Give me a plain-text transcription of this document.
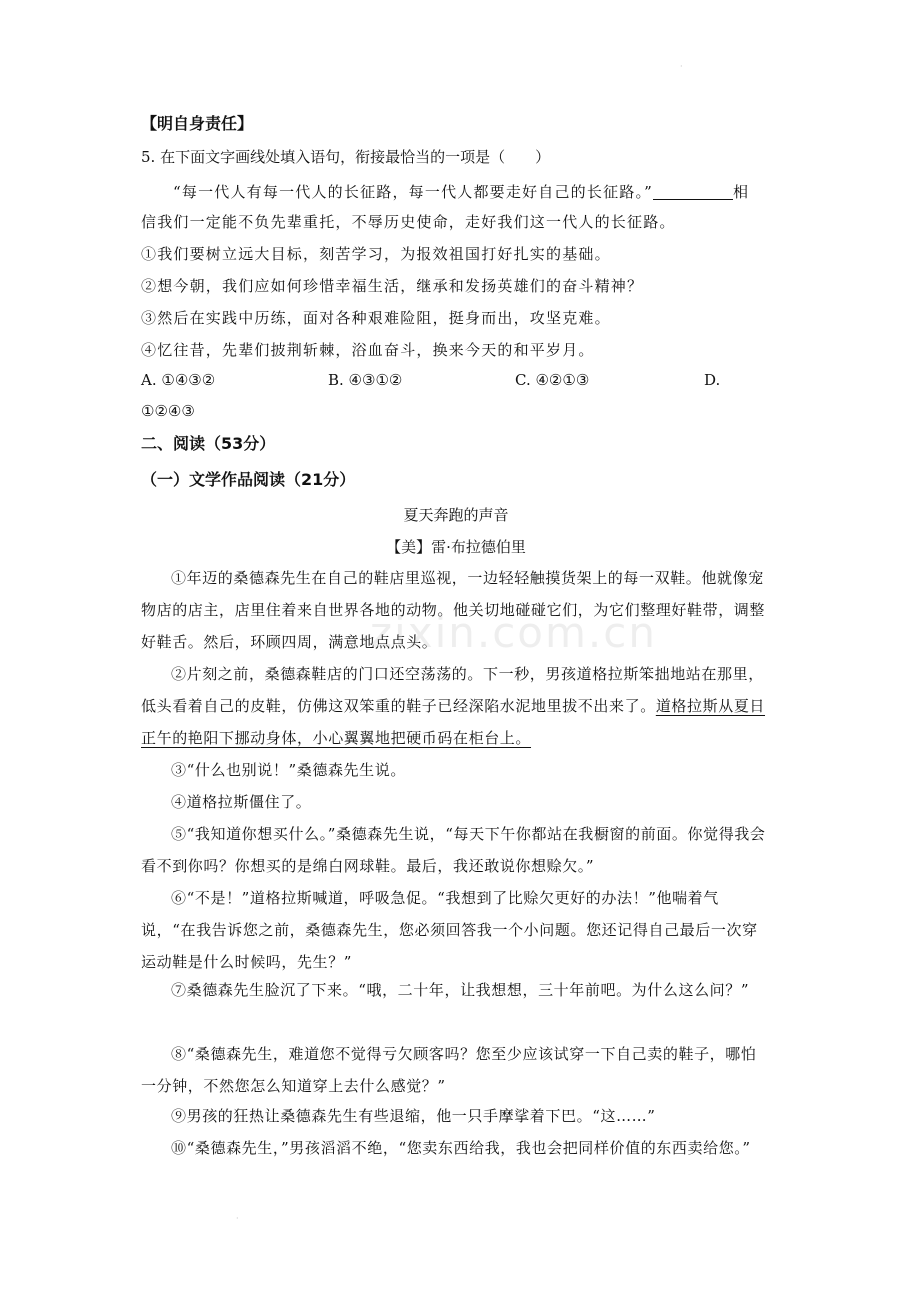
·
【明自身责任】
5. 在下面文字画线处填入语句，衔接最恰当的一项是（　　）
“每一代人有每一代人的长征路，每一代人都要走好自己的长征路。”	相
信我们一定能不负先辈重托，不辱历史使命，走好我们这一代人的长征路。
①我们要树立远大目标，刻苦学习，为报效祖国打好扎实的基础。
②想今朝，我们应如何珍惜幸福生活，继承和发扬英雄们的奋斗精神？
③然后在实践中历练，面对各种艰难险阻，挺身而出，攻坚克难。
④忆往昔，先辈们披荆斩棘，浴血奋斗，换来今天的和平岁月。
A. ①④③②	B. ④③①②	C. ④②①③	D.
①②④③
二、阅读（53分）
（一）文学作品阅读（21分）
夏天奔跑的声音
【美】雷·布拉德伯里
①年迈的桑德森先生在自己的鞋店里巡视，一边轻轻触摸货架上的每一双鞋。他就像宠物店的店主，店里住着来自世界各地的动物。他关切地碰碰它们，为它们整理好鞋带，调整好鞋舌。然后，环顾四周，满意地点点头。
②片刻之前，桑德森鞋店的门口还空荡荡的。下一秒，男孩道格拉斯笨拙地站在那里，低头看着自己的皮鞋，仿佛这双笨重的鞋子已经深陷水泥地里拔不出来了。道格拉斯从夏日正午的艳阳下挪动身体，小心翼翼地把硬币码在柜台上。
③“什么也别说！”桑德森先生说。
④道格拉斯僵住了。
⑤“我知道你想买什么。”桑德森先生说，“每天下午你都站在我橱窗的前面。你觉得我会看不到你吗？你想买的是绵白网球鞋。最后，我还敢说你想赊欠。”
⑥“不是！”道格拉斯喊道，呼吸急促。“我想到了比赊欠更好的办法！”他喘着气说，“在我告诉您之前，桑德森先生，您必须回答我一个小问题。您还记得自己最后一次穿运动鞋是什么时候吗，先生？”
⑦桑德森先生脸沉了下来。“哦，二十年，让我想想，三十年前吧。为什么这么问？”
⑧“桑德森先生，难道您不觉得亏欠顾客吗？您至少应该试穿一下自己卖的鞋子，哪怕一分钟，不然您怎么知道穿上去什么感觉？”
⑨男孩的狂热让桑德森先生有些退缩，他一只手摩挲着下巴。“这……”
⑩“桑德森先生，”男孩滔滔不绝，“您卖东西给我，我也会把同样价值的东西卖给您。”
zixin.com.cn
·
